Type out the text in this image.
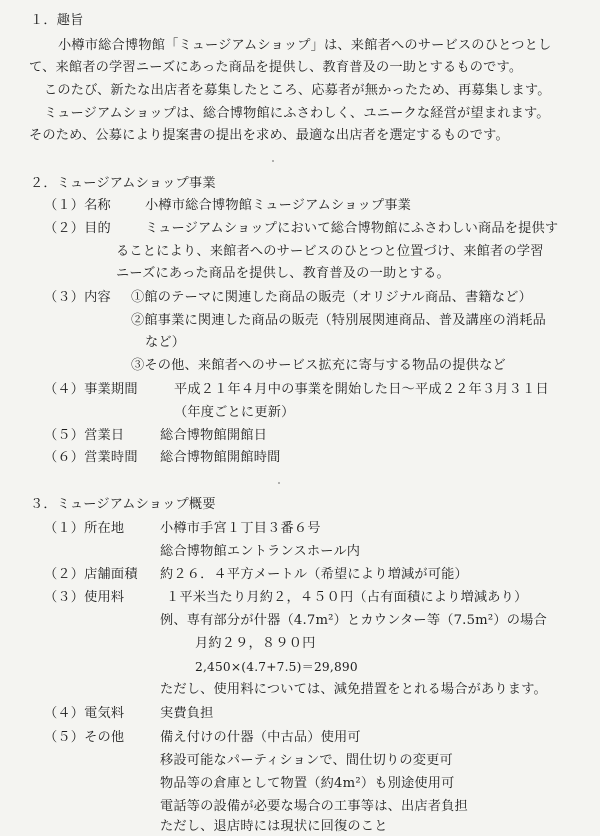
１．趣旨
小樽市総合博物館「ミュージアムショップ」は、来館者へのサービスのひとつとし
て、来館者の学習ニーズにあった商品を提供し、教育普及の一助とするものです。
このたび、新たな出店者を募集したところ、応募者が無かったため、再募集します。
ミュージアムショップは、総合博物館にふさわしく、ユニークな経営が望まれます。
そのため、公募により提案書の提出を求め、最適な出店者を選定するものです。
２．ミュージアムショップ事業
（１）名称	小樽市総合博物館ミュージアムショップ事業
（２）目的	ミュージアムショップにおいて総合博物館にふさわしい商品を提供す
ることにより、来館者へのサービスのひとつと位置づけ、来館者の学習
ニーズにあった商品を提供し、教育普及の一助とする。
（３）内容 ①館のテーマに関連した商品の販売（オリジナル商品、書籍など）
②館事業に関連した商品の販売（特別展関連商品、普及講座の消耗品
など）
③その他、来館者へのサービス拡充に寄与する物品の提供など
（４）事業期間	平成２１年４月中の事業を開始した日～平成２２年３月３１日
（年度ごとに更新）
（５）営業日	総合博物館開館日
（６）営業時間 総合博物館開館時間
３．ミュージアムショップ概要
（１）所在地	小樽市手宮１丁目３番６号
総合博物館エントランスホール内
（２）店舗面積 約２６．４平方メートル（希望により増減が可能）
（３）使用料	１平米当たり月約２，４５０円（占有面積により増減あり）
例、専有部分が什器（4.7m²）とカウンター等（7.5m²）の場合
月約２９，８９０円
2,450×(4.7+7.5)＝29,890
ただし、使用料については、減免措置をとれる場合があります。
（４）電気料	実費負担
（５）その他	備え付けの什器（中古品）使用可
移設可能なパーティションで、間仕切りの変更可
物品等の倉庫として物置（約4m²）も別途使用可
電話等の設備が必要な場合の工事等は、出店者負担
ただし、退店時には現状に回復のこと
